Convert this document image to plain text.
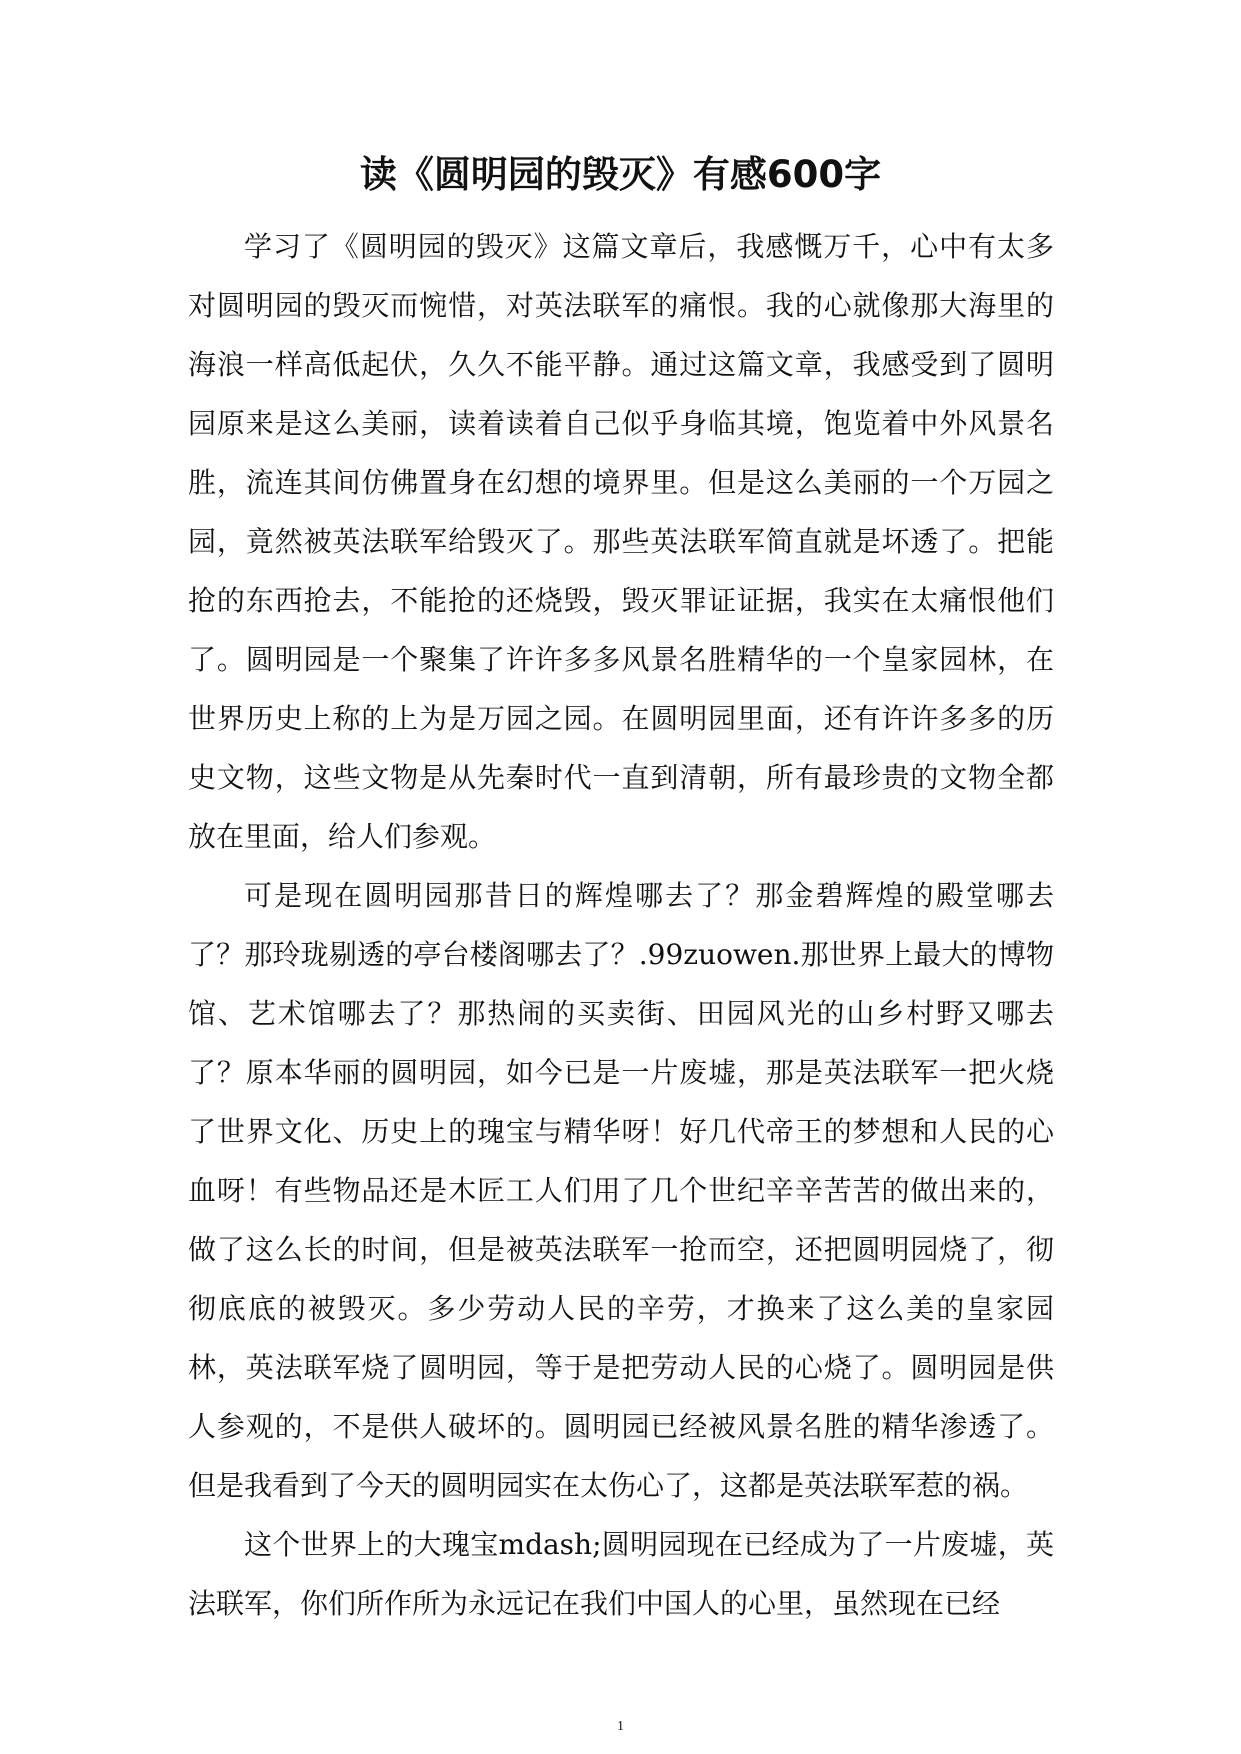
读《圆明园的毁灭》有感600字

学习了《圆明园的毁灭》这篇文章后，我感慨万千，心中有太多对圆明园的毁灭而惋惜，对英法联军的痛恨。我的心就像那大海里的海浪一样高低起伏，久久不能平静。通过这篇文章，我感受到了圆明园原来是这么美丽，读着读着自己似乎身临其境，饱览着中外风景名胜，流连其间仿佛置身在幻想的境界里。但是这么美丽的一个万园之园，竟然被英法联军给毁灭了。那些英法联军简直就是坏透了。把能抢的东西抢去，不能抢的还烧毁，毁灭罪证证据，我实在太痛恨他们了。圆明园是一个聚集了许许多多风景名胜精华的一个皇家园林，在世界历史上称的上为是万园之园。在圆明园里面，还有许许多多的历史文物，这些文物是从先秦时代一直到清朝，所有最珍贵的文物全都放在里面，给人们参观。

可是现在圆明园那昔日的辉煌哪去了？那金碧辉煌的殿堂哪去了？那玲珑剔透的亭台楼阁哪去了？.99zuowen.那世界上最大的博物馆、艺术馆哪去了？那热闹的买卖街、田园风光的山乡村野又哪去了？原本华丽的圆明园，如今已是一片废墟，那是英法联军一把火烧了世界文化、历史上的瑰宝与精华呀！好几代帝王的梦想和人民的心血呀！有些物品还是木匠工人们用了几个世纪辛辛苦苦的做出来的，做了这么长的时间，但是被英法联军一抢而空，还把圆明园烧了，彻彻底底的被毁灭。多少劳动人民的辛劳，才换来了这么美的皇家园林，英法联军烧了圆明园，等于是把劳动人民的心烧了。圆明园是供人参观的，不是供人破坏的。圆明园已经被风景名胜的精华渗透了。但是我看到了今天的圆明园实在太伤心了，这都是英法联军惹的祸。

这个世界上的大瑰宝mdash;圆明园现在已经成为了一片废墟，英法联军，你们所作所为永远记在我们中国人的心里，虽然现在已经

1
